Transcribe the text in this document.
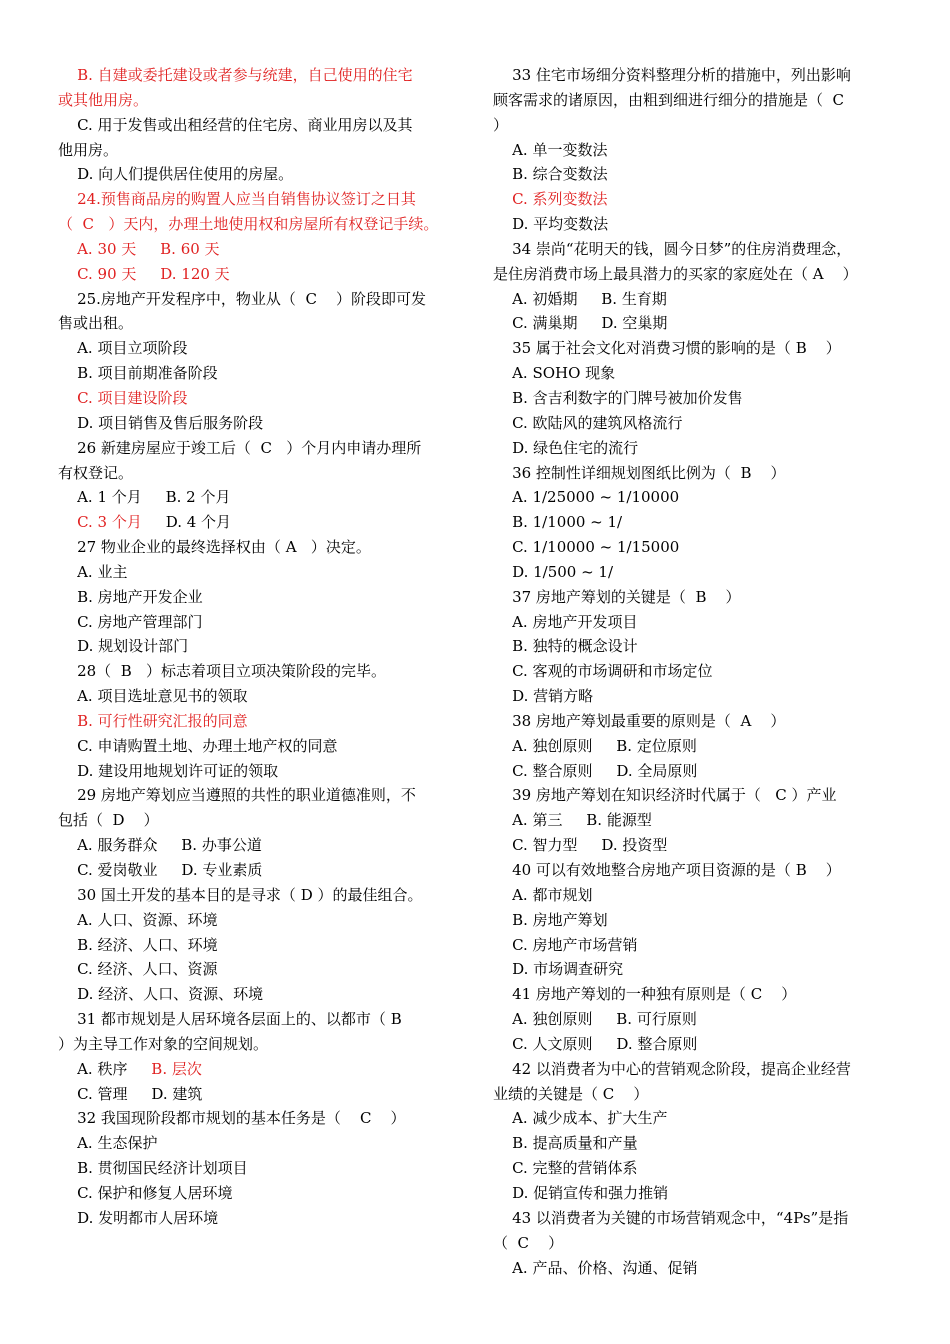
B. 自建或委托建设或者参与统建，自己使用的住宅
或其他用房。
C. 用于发售或出租经营的住宅房、商业用房以及其
他用房。
D. 向人们提供居住使用的房屋。
24.预售商品房的购置人应当自销售协议签订之日其
（  C   ）天内，办理土地使用权和房屋所有权登记手续。
A. 30 天     B. 60 天
C. 90 天     D. 120 天
25.房地产开发程序中，物业从（  C    ）阶段即可发
售或出租。
A. 项目立项阶段
B. 项目前期准备阶段
C. 项目建设阶段
D. 项目销售及售后服务阶段
26 新建房屋应于竣工后（  C   ）个月内申请办理所
有权登记。
A. 1 个月     B. 2 个月
C. 3 个月     D. 4 个月
27 物业企业的最终选择权由（ A   ）决定。
A. 业主
B. 房地产开发企业
C. 房地产管理部门
D. 规划设计部门
28（  B   ）标志着项目立项决策阶段的完毕。
A. 项目选址意见书的领取
B. 可行性研究汇报的同意
C. 申请购置土地、办理土地产权的同意
D. 建设用地规划许可证的领取
29 房地产筹划应当遵照的共性的职业道德准则，不
包括（  D    ）
A. 服务群众     B. 办事公道
C. 爱岗敬业     D. 专业素质
30 国土开发的基本目的是寻求（ D ）的最佳组合。
A. 人口、资源、环境
B. 经济、人口、环境
C. 经济、人口、资源
D. 经济、人口、资源、环境
31 都市规划是人居环境各层面上的、以都市（ B
）为主导工作对象的空间规划。
A. 秩序     B. 层次
C. 管理     D. 建筑
32 我国现阶段都市规划的基本任务是（    C    ）
A. 生态保护
B. 贯彻国民经济计划项目
C. 保护和修复人居环境
D. 发明都市人居环境
33 住宅市场细分资料整理分析的措施中，列出影响
顾客需求的诸原因，由粗到细进行细分的措施是（  C
）
A. 单一变数法
B. 综合变数法
C. 系列变数法
D. 平均变数法
34 崇尚“花明天的钱，圆今日梦”的住房消费理念，
是住房消费市场上最具潜力的买家的家庭处在（ A    ）
A. 初婚期     B. 生育期
C. 满巢期     D. 空巢期
35 属于社会文化对消费习惯的影响的是（ B    ）
A. SOHO 现象
B. 含吉利数字的门牌号被加价发售
C. 欧陆风的建筑风格流行
D. 绿色住宅的流行
36 控制性详细规划图纸比例为（  B    ）
A. 1/25000 ~ 1/10000
B. 1/1000 ~ 1/
C. 1/10000 ~ 1/15000
D. 1/500 ~ 1/
37 房地产筹划的关键是（  B    ）
A. 房地产开发项目
B. 独特的概念设计
C. 客观的市场调研和市场定位
D. 营销方略
38 房地产筹划最重要的原则是（  A    ）
A. 独创原则     B. 定位原则
C. 整合原则     D. 全局原则
39 房地产筹划在知识经济时代属于（   C ）产业
A. 第三     B. 能源型
C. 智力型     D. 投资型
40 可以有效地整合房地产项目资源的是（ B    ）
A. 都市规划
B. 房地产筹划
C. 房地产市场营销
D. 市场调查研究
41 房地产筹划的一种独有原则是（ C    ）
A. 独创原则     B. 可行原则
C. 人文原则     D. 整合原则
42 以消费者为中心的营销观念阶段，提高企业经营
业绩的关键是（ C    ）
A. 减少成本、扩大生产
B. 提高质量和产量
C. 完整的营销体系
D. 促销宣传和强力推销
43 以消费者为关键的市场营销观念中，“4Ps”是指
（  C    ）
A. 产品、价格、沟通、促销
